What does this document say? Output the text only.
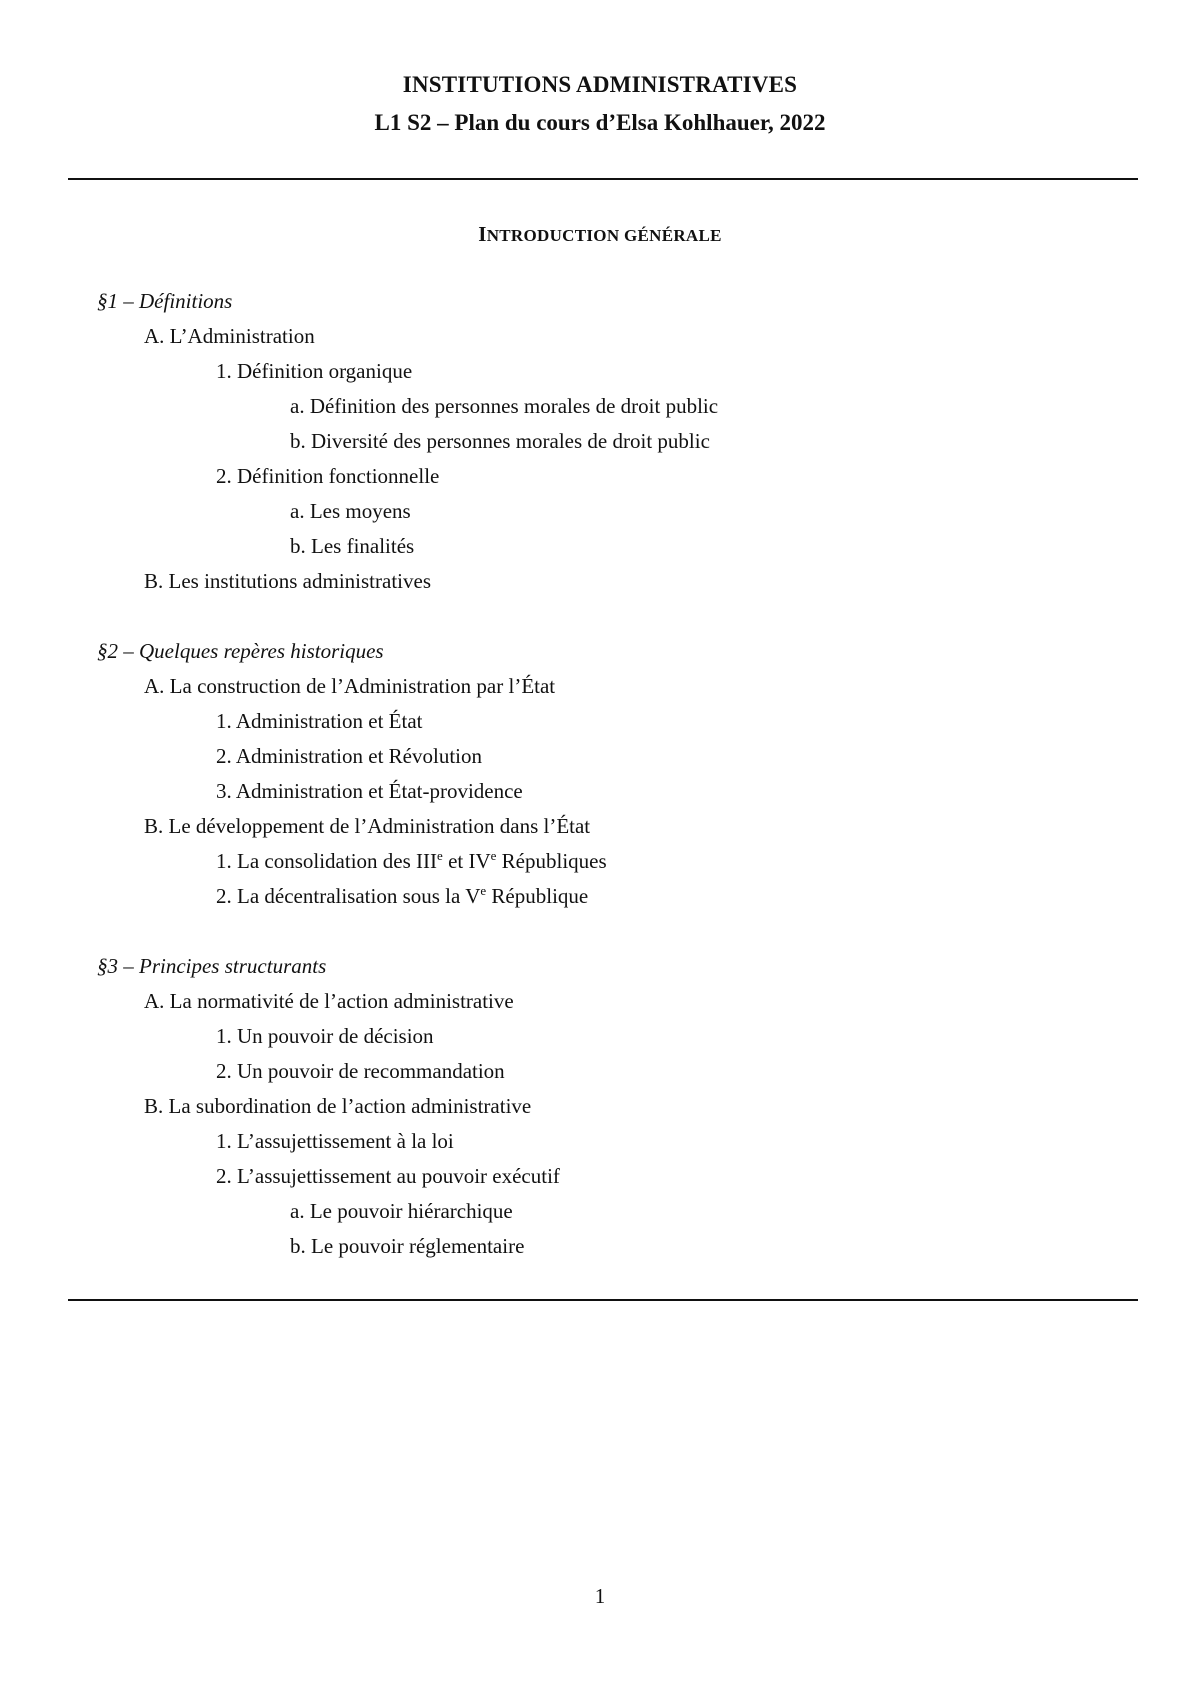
INSTITUTIONS ADMINISTRATIVES
L1 S2 – Plan du cours d’Elsa Kohlhauer, 2022
INTRODUCTION GÉNÉRALE
§1 – Définitions
A. L’Administration
1. Définition organique
a. Définition des personnes morales de droit public
b. Diversité des personnes morales de droit public
2. Définition fonctionnelle
a. Les moyens
b. Les finalités
B. Les institutions administratives
§2 – Quelques repères historiques
A. La construction de l’Administration par l’État
1. Administration et État
2. Administration et Révolution
3. Administration et État-providence
B. Le développement de l’Administration dans l’État
1. La consolidation des IIIe et IVe Républiques
2. La décentralisation sous la Ve République
§3 – Principes structurants
A. La normativité de l’action administrative
1. Un pouvoir de décision
2. Un pouvoir de recommandation
B. La subordination de l’action administrative
1. L’assujettissement à la loi
2. L’assujettissement au pouvoir exécutif
a. Le pouvoir hiérarchique
b. Le pouvoir réglementaire
1
